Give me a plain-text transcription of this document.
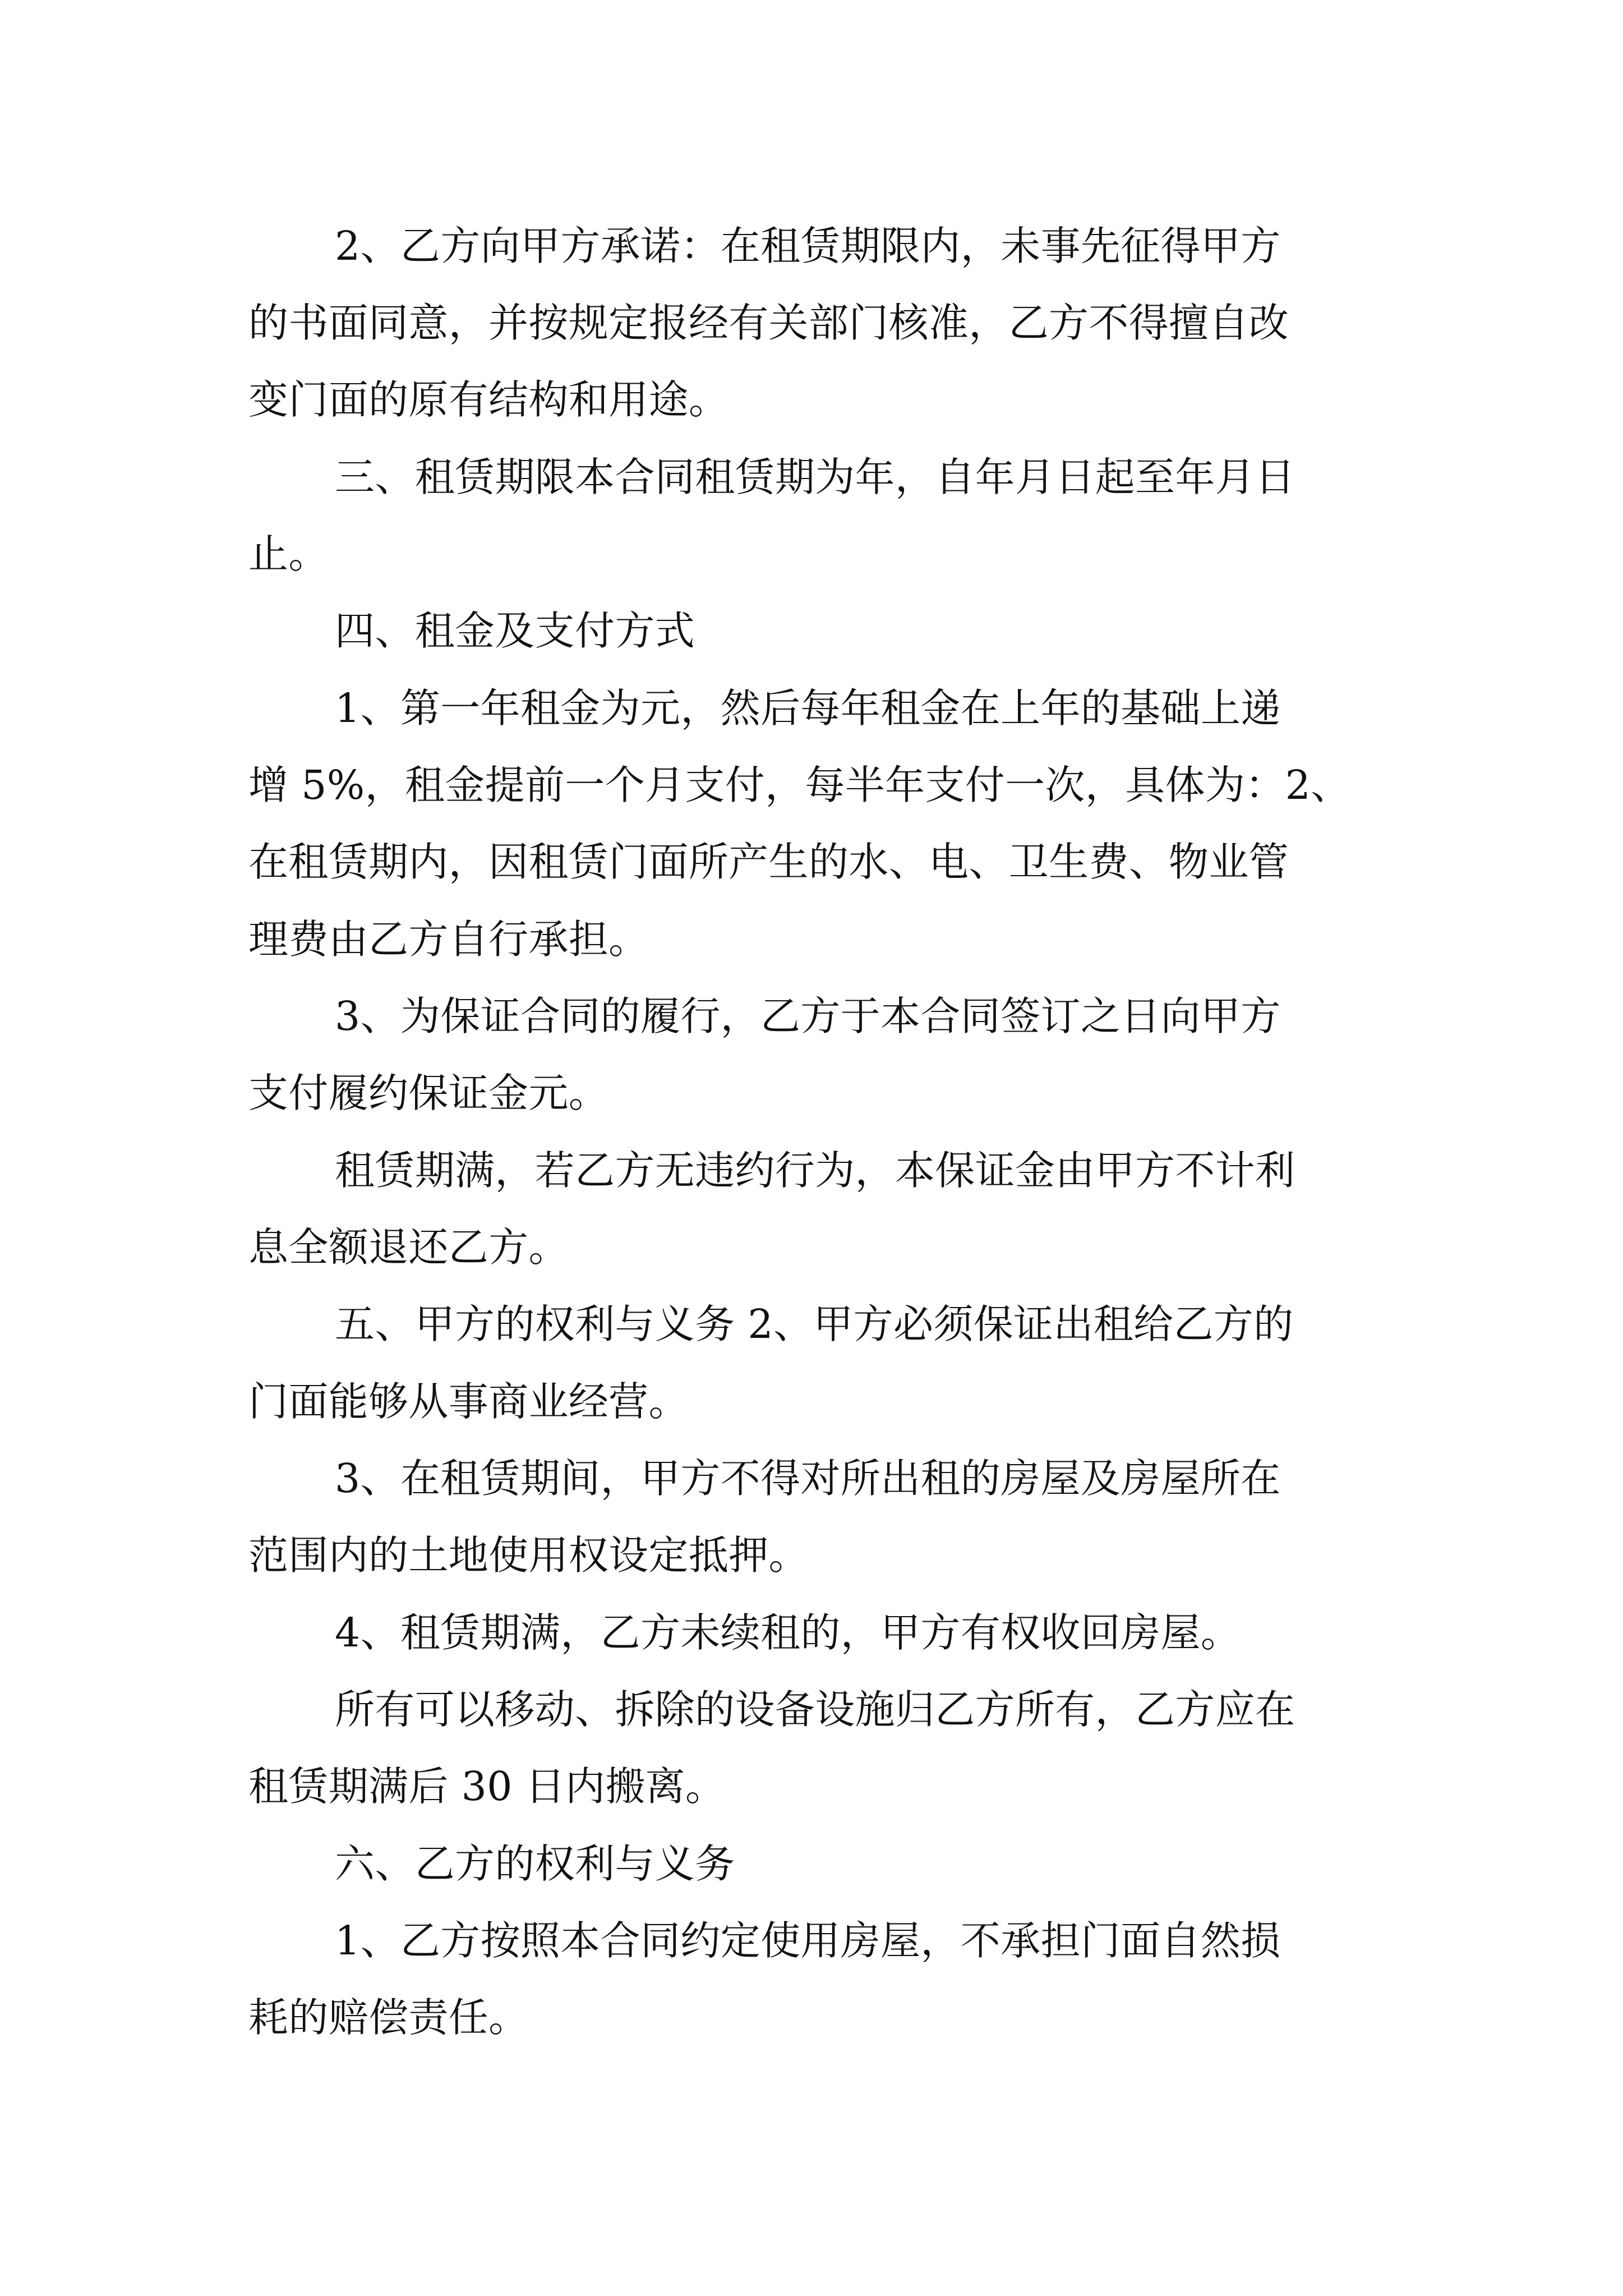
2、乙方向甲方承诺：在租赁期限内，未事先征得甲方
的书面同意，并按规定报经有关部门核准，乙方不得擅自改
变门面的原有结构和用途。
三、租赁期限本合同租赁期为年，自年月日起至年月日
止。
四、租金及支付方式
1、第一年租金为元，然后每年租金在上年的基础上递
增 5%，租金提前一个月支付，每半年支付一次，具体为：2、
在租赁期内，因租赁门面所产生的水、电、卫生费、物业管
理费由乙方自行承担。
3、为保证合同的履行，乙方于本合同签订之日向甲方
支付履约保证金元。
租赁期满，若乙方无违约行为，本保证金由甲方不计利
息全额退还乙方。
五、甲方的权利与义务 2、甲方必须保证出租给乙方的
门面能够从事商业经营。
3、在租赁期间，甲方不得对所出租的房屋及房屋所在
范围内的土地使用权设定抵押。
4、租赁期满，乙方未续租的，甲方有权收回房屋。
所有可以移动、拆除的设备设施归乙方所有，乙方应在
租赁期满后 30 日内搬离。
六、乙方的权利与义务
1、乙方按照本合同约定使用房屋，不承担门面自然损
耗的赔偿责任。
